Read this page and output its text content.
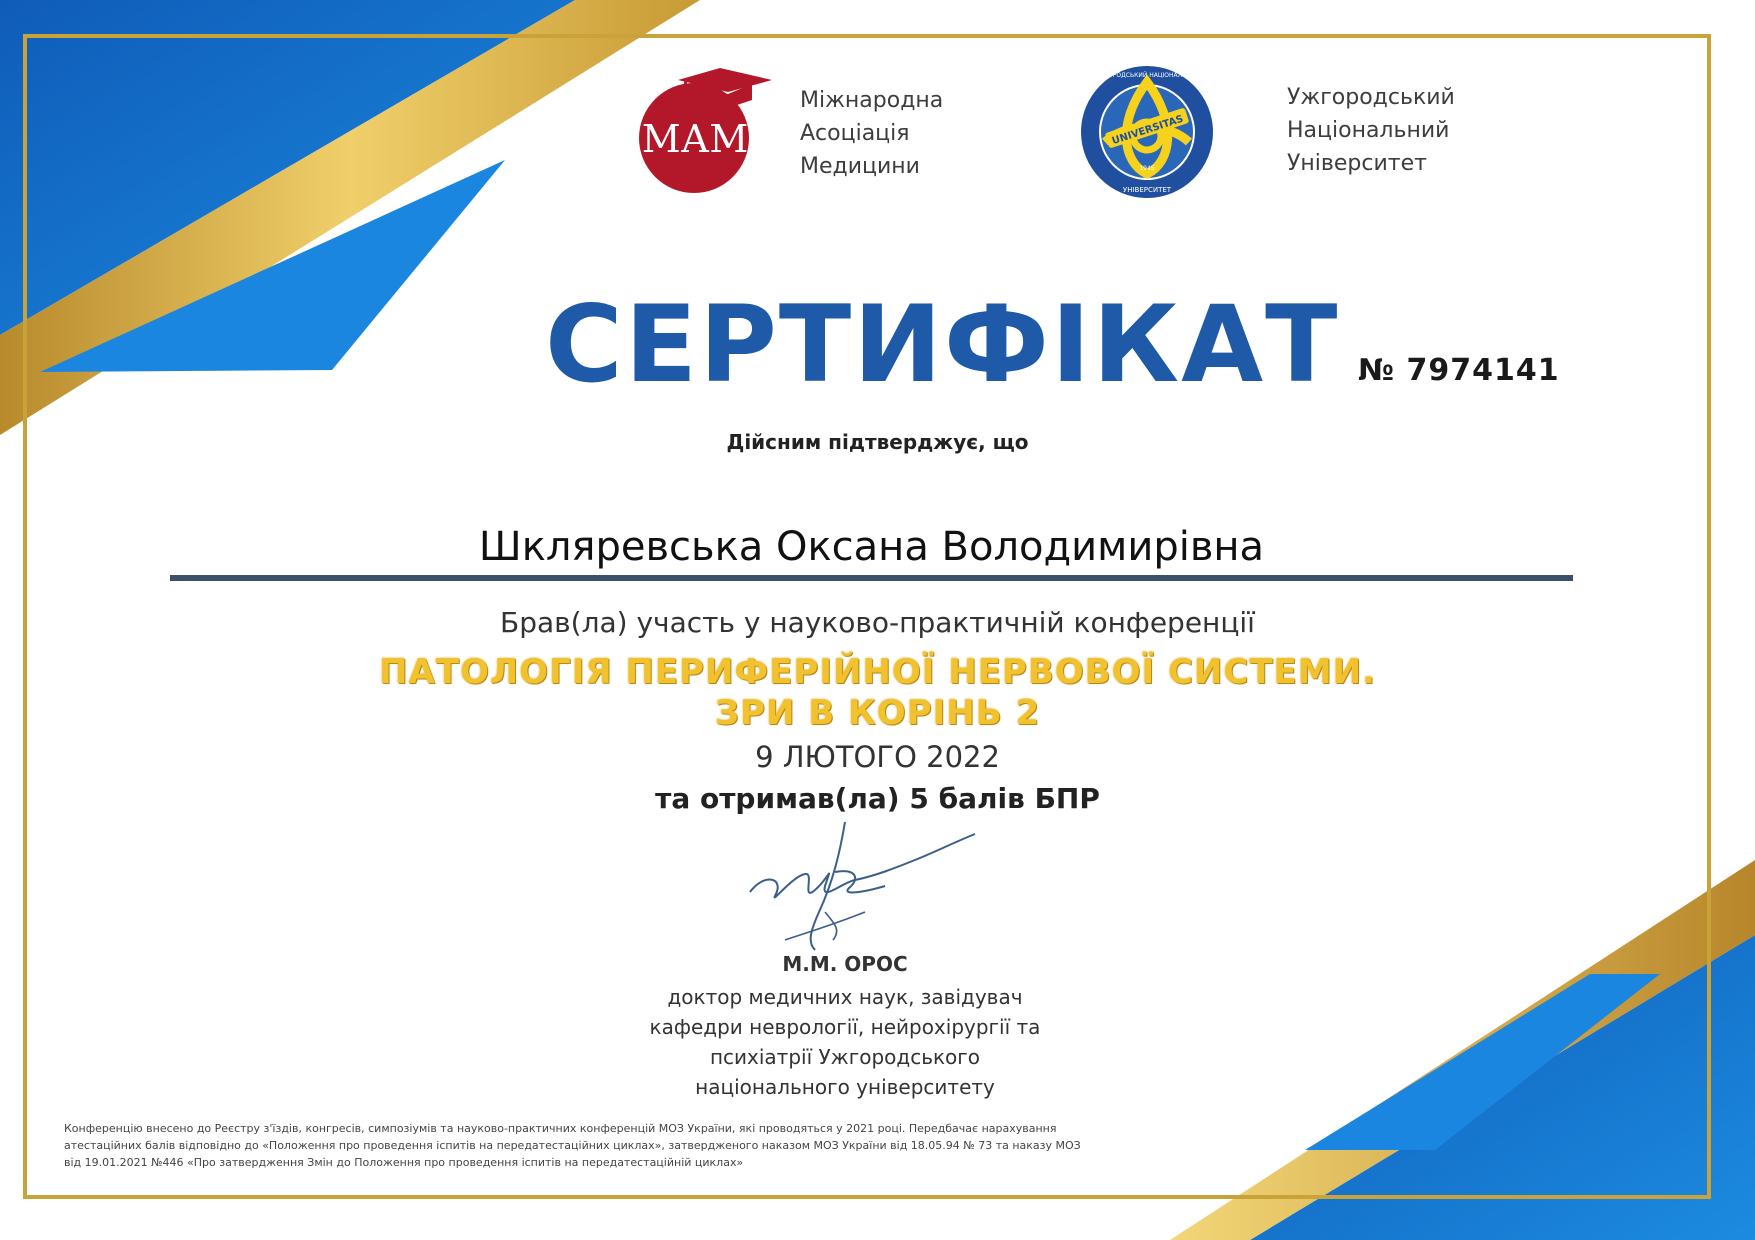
МАМ
Міжнародна
Асоціація
Медицини
UNIVERSITAS
1945
УНІВЕРСИТЕТ
УЖГОРОДСЬКИЙ НАЦІОНАЛЬНИЙ
Ужгородський
Національний
Університет
СЕРТИФІКАТ № 7974141
Дійсним підтверджує, що
Шкляревська Оксана Володимирівна
Брав(ла) участь у науково-практичній конференції
ПАТОЛОГІЯ ПЕРИФЕРІЙНОЇ НЕРВОВОЇ СИСТЕМИ.
ЗРИ В КОРІНЬ 2
9 ЛЮТОГО 2022
та отримав(ла) 5 балів БПР
М.М. ОРОС
доктор медичних наук, завідувач
кафедри неврології, нейрохірургії та
психіатрії Ужгородського
національного університету
Конференцію внесено до Реєстру з'їздів, конгресів, симпозіумів та науково-практичних конференцій МОЗ України, які проводяться у 2021 році. Передбачає нарахування
атестаційних балів відповідно до «Положення про проведення іспитів на передатестаційних циклах», затвердженого наказом МОЗ України від 18.05.94 № 73 та наказу МОЗ
від 19.01.2021 №446 «Про затвердження Змін до Положення про проведення іспитів на передатестаційній циклах»
